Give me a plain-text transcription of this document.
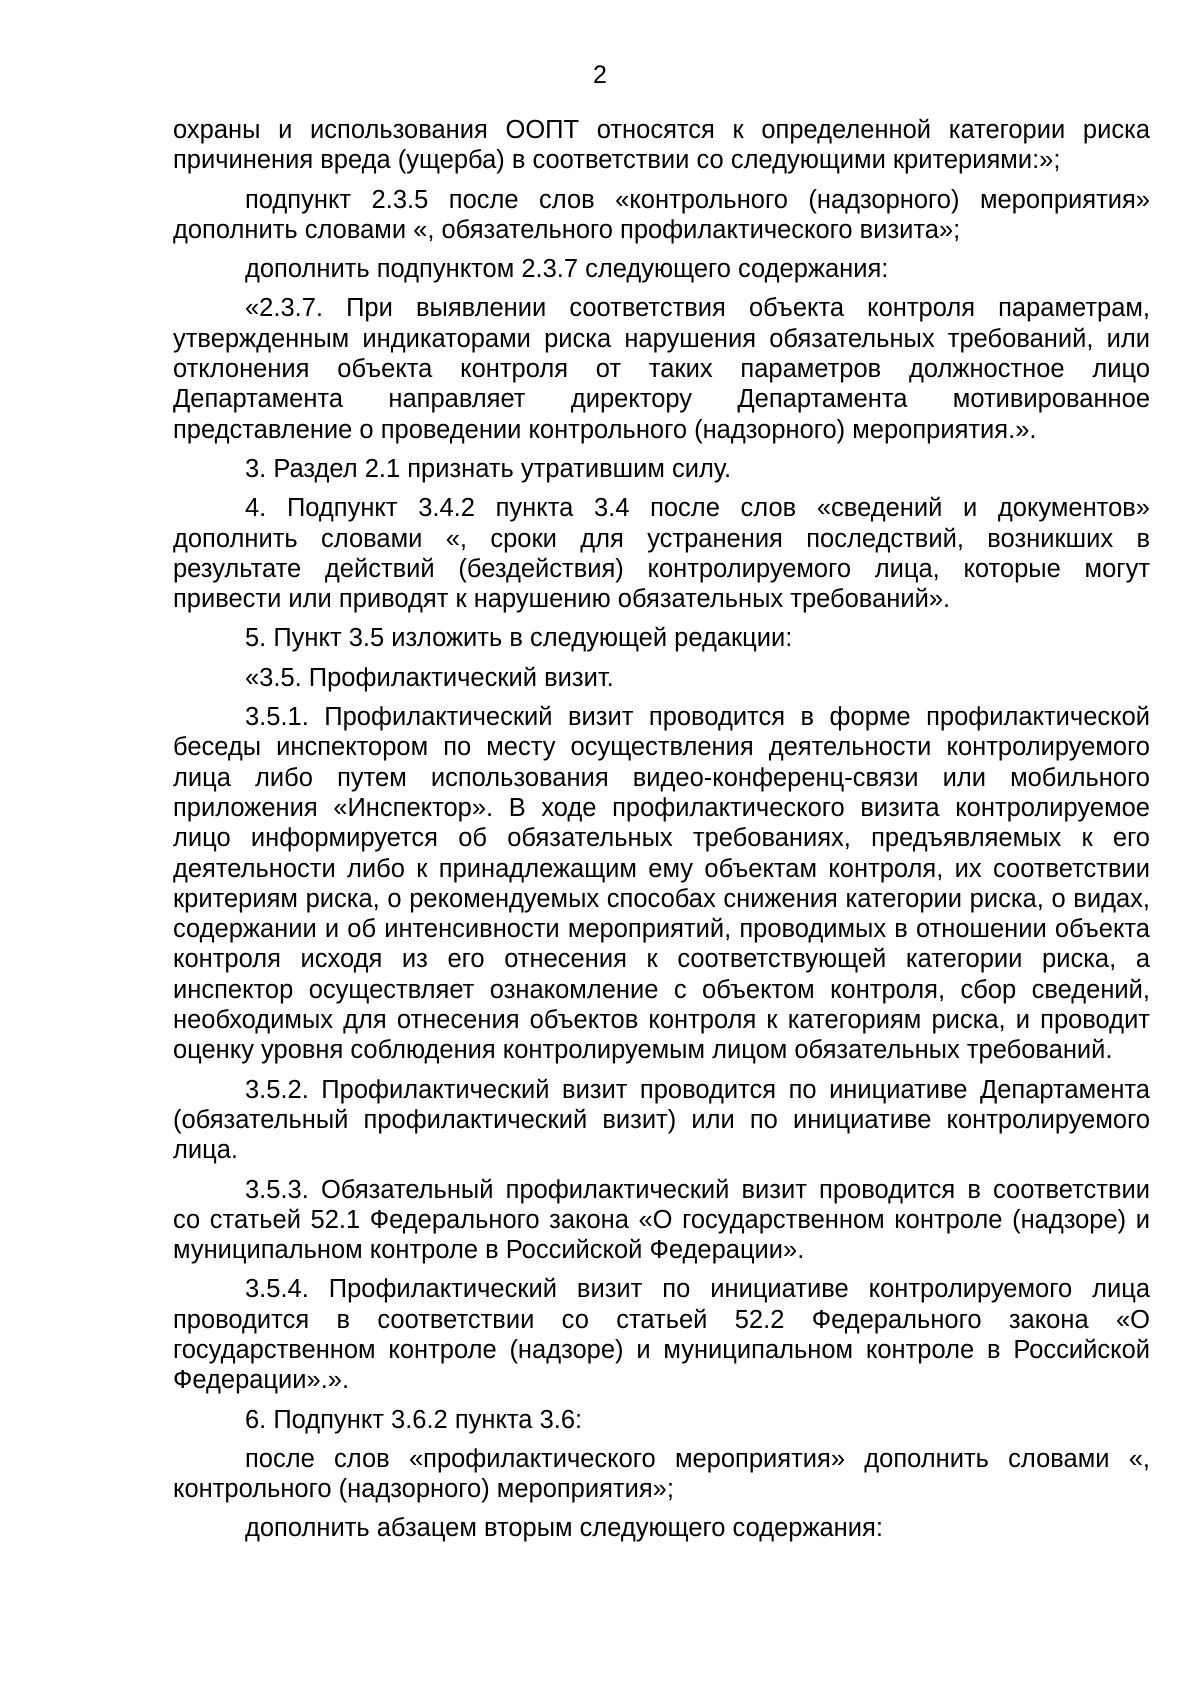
2

охраны и использования ООПТ относятся к определенной категории риска причинения вреда (ущерба) в соответствии со следующими критериями:»;

подпункт 2.3.5 после слов «контрольного (надзорного) мероприятия» дополнить словами «, обязательного профилактического визита»;

дополнить подпунктом 2.3.7 следующего содержания:

«2.3.7. При выявлении соответствия объекта контроля параметрам, утвержденным индикаторами риска нарушения обязательных требований, или отклонения объекта контроля от таких параметров должностное лицо Департамента направляет директору Департамента мотивированное представление о проведении контрольного (надзорного) мероприятия.».

3. Раздел 2.1 признать утратившим силу.

4. Подпункт 3.4.2 пункта 3.4 после слов «сведений и документов» дополнить словами «, сроки для устранения последствий, возникших в результате действий (бездействия) контролируемого лица, которые могут привести или приводят к нарушению обязательных требований».

5. Пункт 3.5 изложить в следующей редакции:

«3.5. Профилактический визит.

3.5.1. Профилактический визит проводится в форме профилактической беседы инспектором по месту осуществления деятельности контролируемого лица либо путем использования видео-конференц-связи или мобильного приложения «Инспектор». В ходе профилактического визита контролируемое лицо информируется об обязательных требованиях, предъявляемых к его деятельности либо к принадлежащим ему объектам контроля, их соответствии критериям риска, о рекомендуемых способах снижения категории риска, о видах, содержании и об интенсивности мероприятий, проводимых в отношении объекта контроля исходя из его отнесения к соответствующей категории риска, а инспектор осуществляет ознакомление с объектом контроля, сбор сведений, необходимых для отнесения объектов контроля к категориям риска, и проводит оценку уровня соблюдения контролируемым лицом обязательных требований.

3.5.2. Профилактический визит проводится по инициативе Департамента (обязательный профилактический визит) или по инициативе контролируемого лица.

3.5.3. Обязательный профилактический визит проводится в соответствии со статьей 52.1 Федерального закона «О государственном контроле (надзоре) и муниципальном контроле в Российской Федерации».

3.5.4. Профилактический визит по инициативе контролируемого лица проводится в соответствии со статьей 52.2 Федерального закона «О государственном контроле (надзоре) и муниципальном контроле в Российской Федерации».».

6. Подпункт 3.6.2 пункта 3.6:

после слов «профилактического мероприятия» дополнить словами «, контрольного (надзорного) мероприятия»;

дополнить абзацем вторым следующего содержания:
